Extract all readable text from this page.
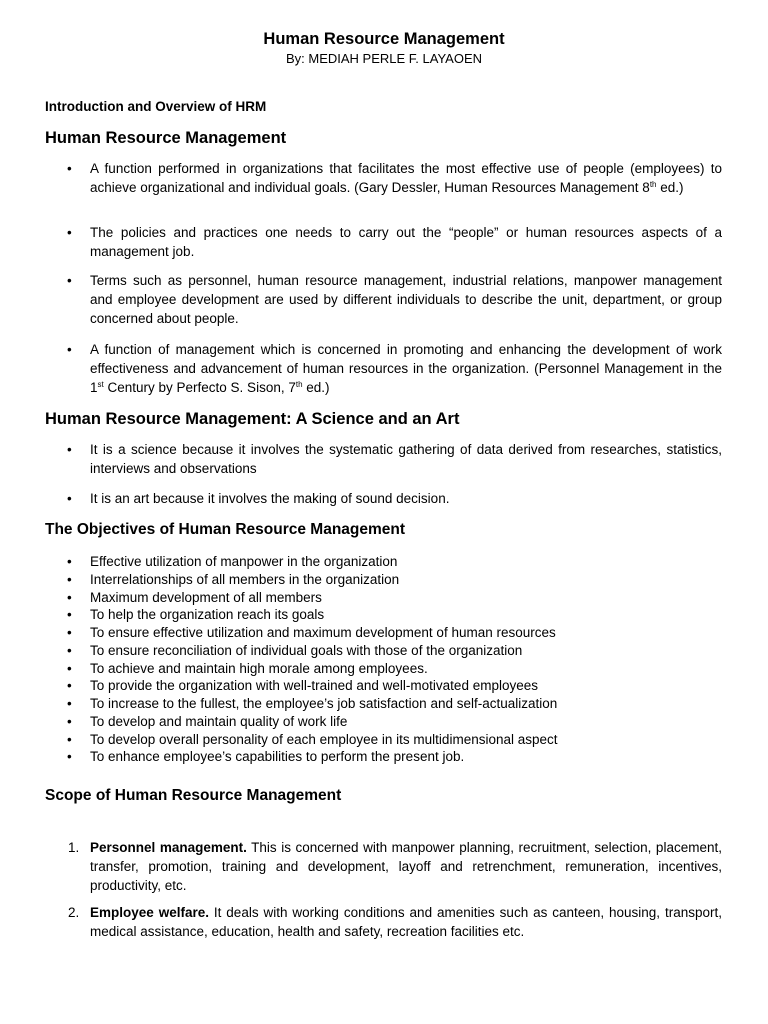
Human Resource Management
By: MEDIAH PERLE F. LAYAOEN
Introduction and Overview of HRM
Human Resource Management
• A function performed in organizations that facilitates the most effective use of people (employees) to achieve organizational and individual goals. (Gary Dessler, Human Resources Management 8th ed.)
• The policies and practices one needs to carry out the “people” or human resources aspects of a management job.
• Terms such as personnel, human resource management, industrial relations, manpower management and employee development are used by different individuals to describe the unit, department, or group concerned about people.
• A function of management which is concerned in promoting and enhancing the development of work effectiveness and advancement of human resources in the organization. (Personnel Management in the 1st Century by Perfecto S. Sison, 7th ed.)
Human Resource Management: A Science and an Art
• It is a science because it involves the systematic gathering of data derived from researches, statistics, interviews and observations
• It is an art because it involves the making of sound decision.
The Objectives of Human Resource Management
• Effective utilization of manpower in the organization
• Interrelationships of all members in the organization
• Maximum development of all members
• To help the organization reach its goals
• To ensure effective utilization and maximum development of human resources
• To ensure reconciliation of individual goals with those of the organization
• To achieve and maintain high morale among employees.
• To provide the organization with well-trained and well-motivated employees
• To increase to the fullest, the employee’s job satisfaction and self-actualization
• To develop and maintain quality of work life
• To develop overall personality of each employee in its multidimensional aspect
• To enhance employee’s capabilities to perform the present job.
Scope of Human Resource Management
1. Personnel management. This is concerned with manpower planning, recruitment, selection, placement, transfer, promotion, training and development, layoff and retrenchment, remuneration, incentives, productivity, etc.
2. Employee welfare. It deals with working conditions and amenities such as canteen, housing, transport, medical assistance, education, health and safety, recreation facilities etc.
